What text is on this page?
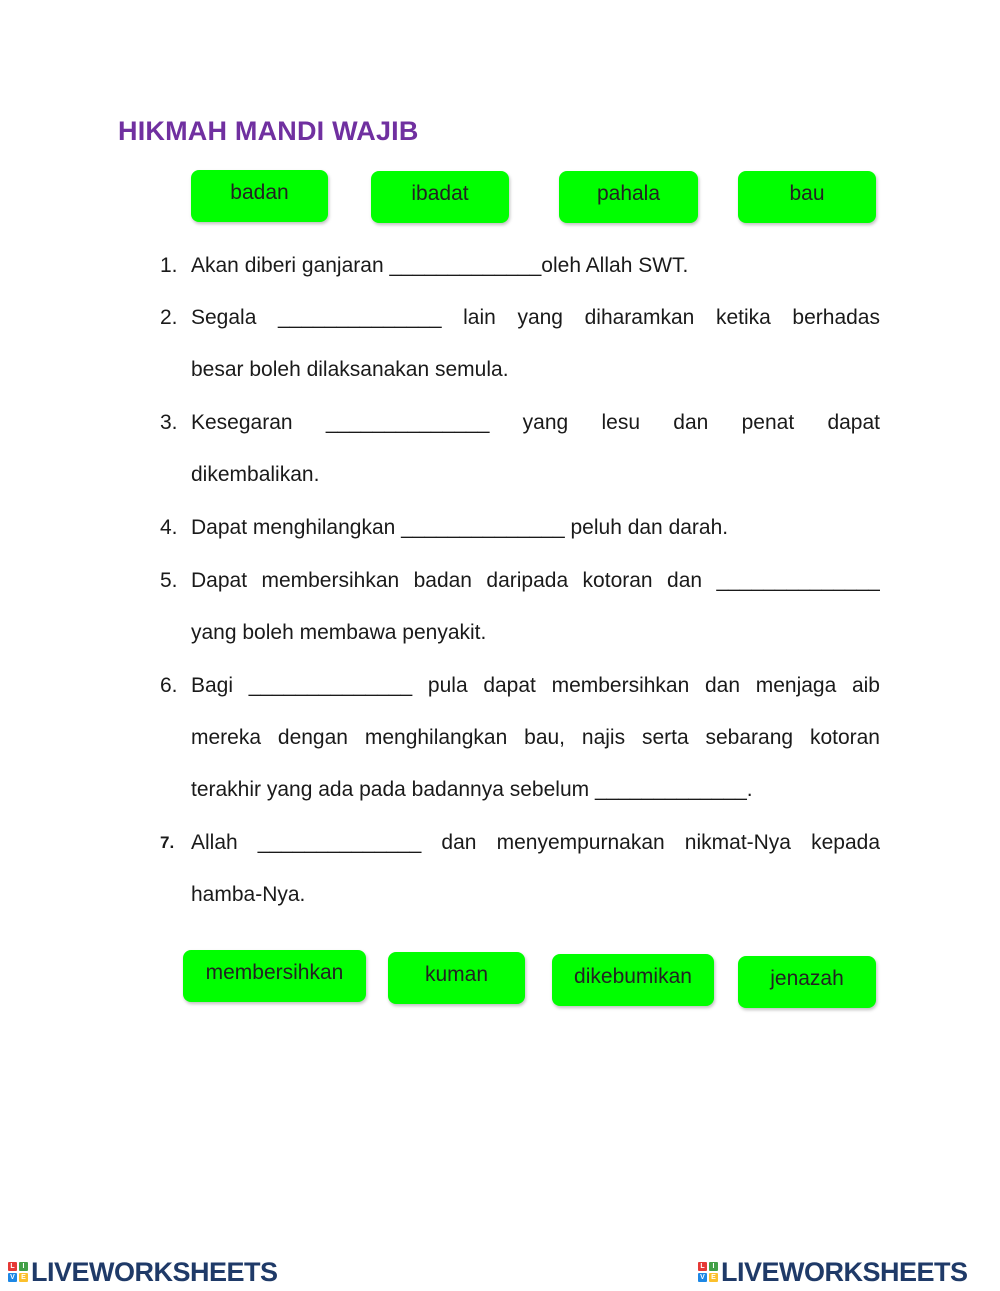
HIKMAH MANDI WAJIB
badan	ibadat	pahala	bau
1. Akan diberi ganjaran _____________oleh Allah SWT.
2. Segala ______________ lain yang diharamkan ketika berhadas
besar boleh dilaksanakan semula.
3. Kesegaran ______________ yang lesu dan penat dapat
dikembalikan.
4. Dapat menghilangkan ______________ peluh dan darah.
5. Dapat membersihkan badan daripada kotoran dan ______________
yang boleh membawa penyakit.
6. Bagi ______________ pula dapat membersihkan dan menjaga aib
mereka dengan menghilangkan bau, najis serta sebarang kotoran
terakhir yang ada pada badannya sebelum _____________.
7. Allah ______________ dan menyempurnakan nikmat-Nya kepada
hamba-Nya.
membersihkan	kuman	dikebumikan	jenazah
L	I
V E LIVEWORKSHEETS	L	I
V E LIVEWORKSHEETS
